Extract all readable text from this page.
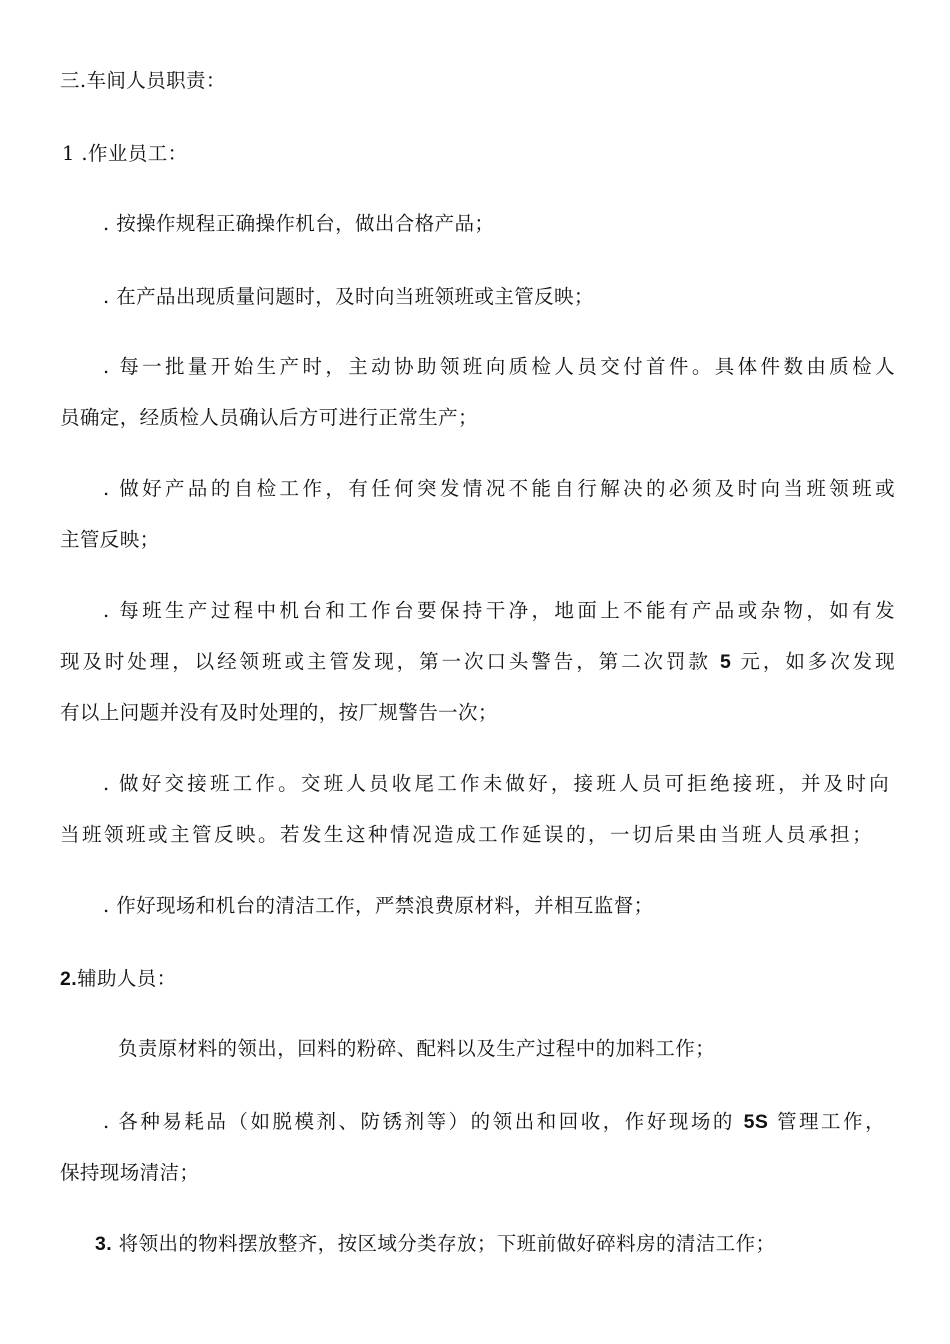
三.车间人员职责：
1 .作业员工：
. 按操作规程正确操作机台，做出合格产品；
. 在产品出现质量问题时，及时向当班领班或主管反映；
. 每一批量开始生产时，主动协助领班向质检人员交付首件。具体件数由质检人
员确定，经质检人员确认后方可进行正常生产；
. 做好产品的自检工作，有任何突发情况不能自行解决的必须及时向当班领班或
主管反映；
. 每班生产过程中机台和工作台要保持干净，地面上不能有产品或杂物，如有发
现及时处理，以经领班或主管发现，第一次口头警告，第二次罚款 5 元，如多次发现
有以上问题并没有及时处理的，按厂规警告一次；
. 做好交接班工作。交班人员收尾工作未做好，接班人员可拒绝接班，并及时向
当班领班或主管反映。若发生这种情况造成工作延误的，一切后果由当班人员承担；
. 作好现场和机台的清洁工作，严禁浪费原材料，并相互监督；
2.辅助人员：
负责原材料的领出，回料的粉碎、配料以及生产过程中的加料工作；
. 各种易耗品（如脱模剂、防锈剂等）的领出和回收，作好现场的 5S 管理工作，
保持现场清洁；
3. 将领出的物料摆放整齐，按区域分类存放；下班前做好碎料房的清洁工作；
